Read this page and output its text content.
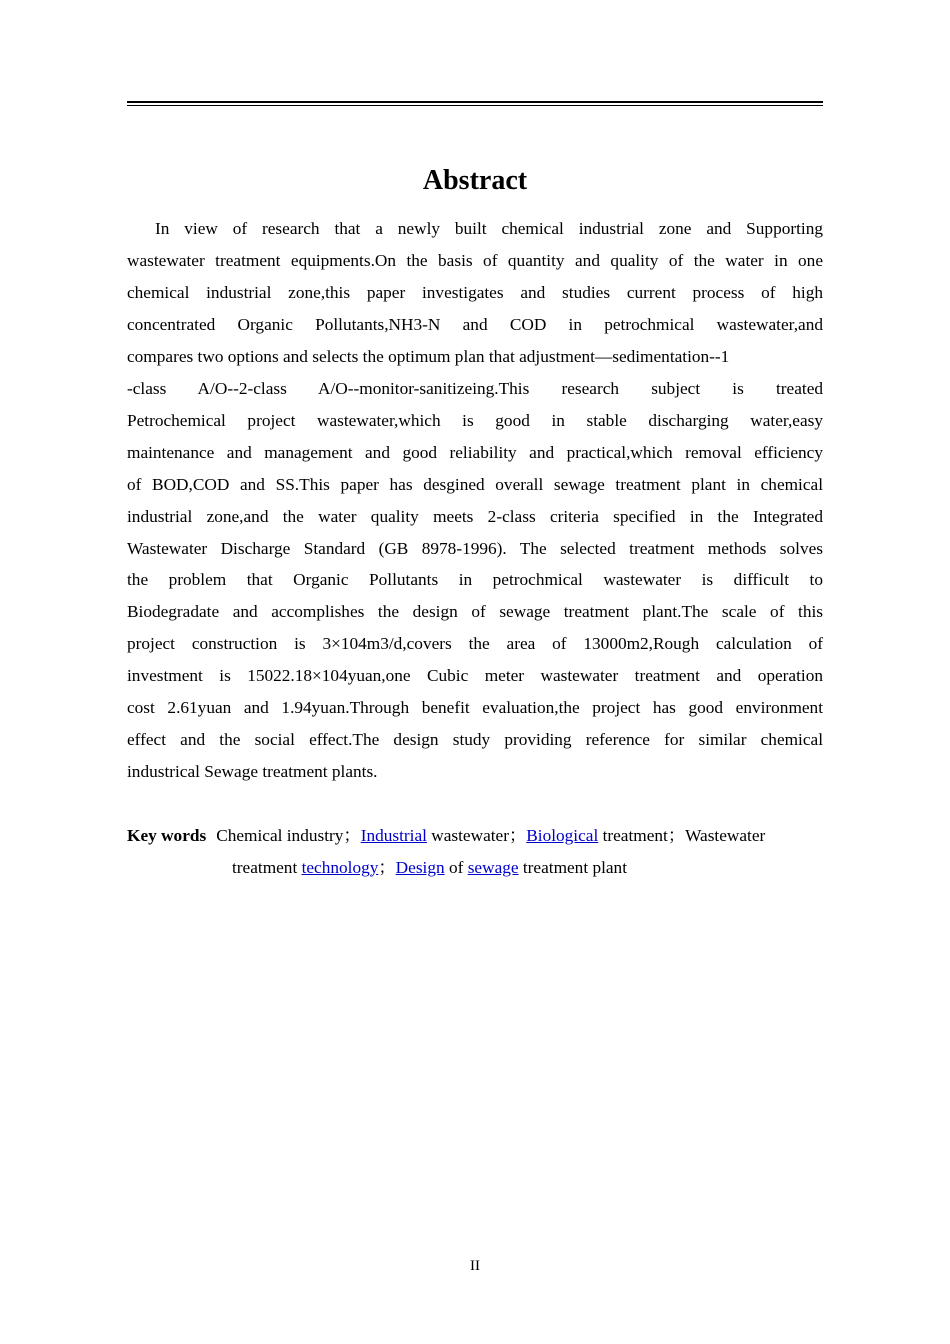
Abstract

In view of research that a newly built chemical industrial zone and Supporting

wastewater treatment equipments.On the basis of quantity and quality of the water in one
chemical industrial zone,this paper investigates and studies current process of high
concentrated Organic Pollutants,NH3-N and COD in petrochmical wastewater,and
compares two options and selects the optimum plan that adjustment—sedimentation--1
-class A/O--2-class A/O--monitor-sanitizeing.This research subject is treated
Petrochemical project wastewater,which is good in stable discharging water,easy
maintenance and management and good reliability and practical,which removal efficiency
of BOD,COD and SS.This paper has desgined overall sewage treatment plant in chemical
industrial zone,and the water quality meets 2-class criteria specified in the Integrated
Wastewater Discharge Standard (GB 8978-1996). The selected treatment methods solves
the problem that Organic Pollutants in petrochmical wastewater is difficult to
Biodegradate and accomplishes the design of sewage treatment plant.The scale of this
project construction is 3×104m3/d,covers the area of 13000m2,Rough calculation of
investment is 15022.18×104yuan,one Cubic meter wastewater treatment and operation
cost 2.61yuan and 1.94yuan.Through benefit evaluation,the project has good environment
effect and the social effect.The design study providing reference for similar chemical
industrical Sewage treatment plants.
Key words Chemical industry；Industrial wastewater；Biological treatment；Wastewater
treatment technology；Design of sewage treatment plant
II
